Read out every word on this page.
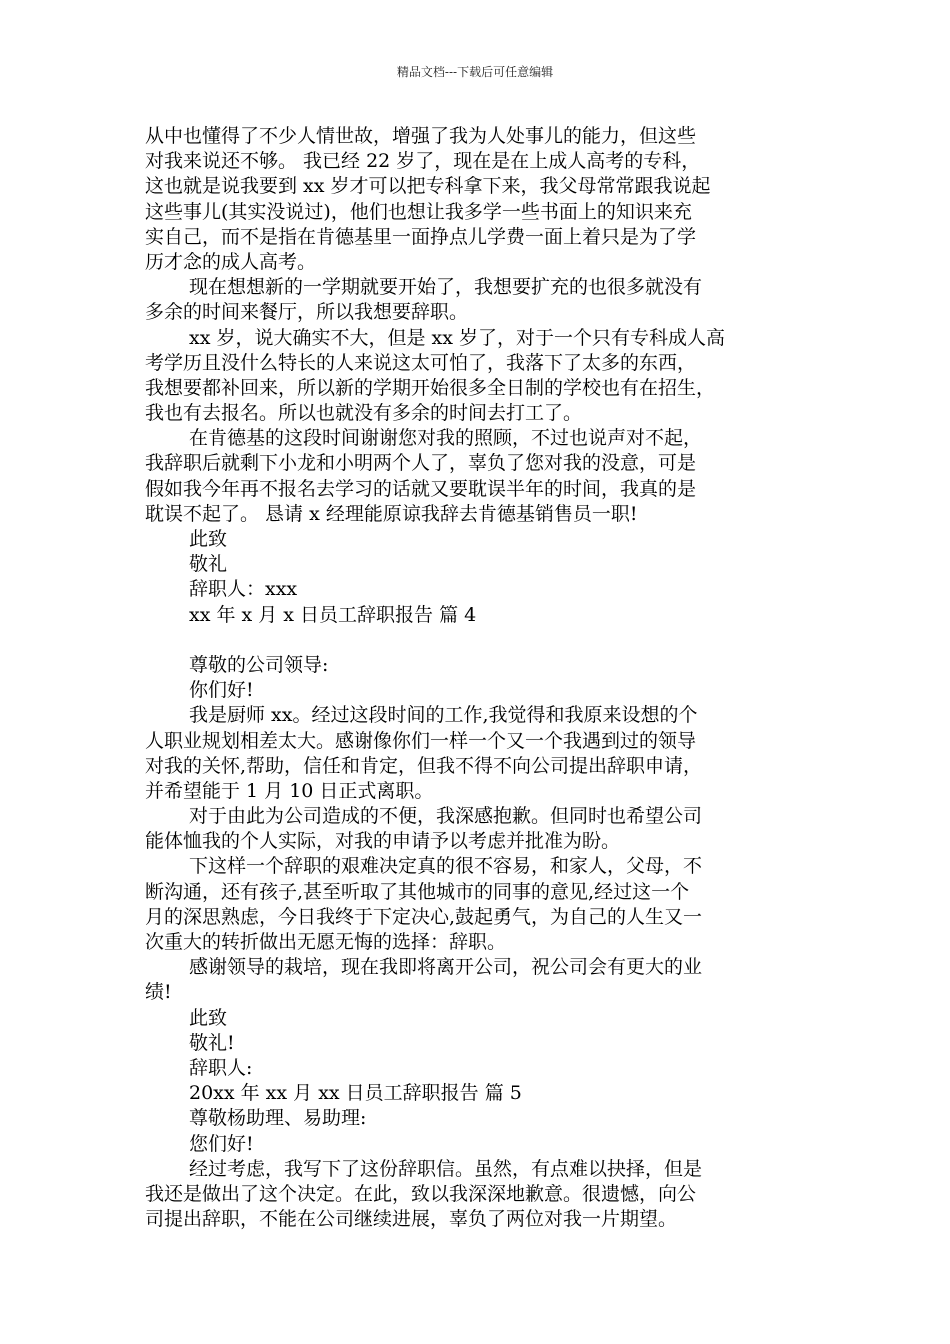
精品文档---下载后可任意编辑
从中也懂得了不少人情世故，增强了我为人处事儿的能力，但这些
对我来说还不够。 我已经 22 岁了，现在是在上成人高考的专科，
这也就是说我要到 xx 岁才可以把专科拿下来，我父母常常跟我说起
这些事儿(其实没说过)，他们也想让我多学一些书面上的知识来充
实自己，而不是指在肯德基里一面挣点儿学费一面上着只是为了学
历才念的成人高考。
现在想想新的一学期就要开始了，我想要扩充的也很多就没有
多余的时间来餐厅，所以我想要辞职。
xx 岁，说大确实不大，但是 xx 岁了，对于一个只有专科成人高
考学历且没什么特长的人来说这太可怕了，我落下了太多的东西，
我想要都补回来，所以新的学期开始很多全日制的学校也有在招生，
我也有去报名。所以也就没有多余的时间去打工了。
在肯德基的这段时间谢谢您对我的照顾，不过也说声对不起，
我辞职后就剩下小龙和小明两个人了，辜负了您对我的没意，可是
假如我今年再不报名去学习的话就又要耽误半年的时间，我真的是
耽误不起了。 恳请 x 经理能原谅我辞去肯德基销售员一职!
此致
敬礼
辞职人：xxx
xx 年 x 月 x 日员工辞职报告 篇 4
尊敬的公司领导:
你们好!
我是厨师 xx。经过这段时间的工作,我觉得和我原来设想的个
人职业规划相差太大。感谢像你们一样一个又一个我遇到过的领导
对我的关怀,帮助，信任和肯定，但我不得不向公司提出辞职申请，
并希望能于 1 月 10 日正式离职。
对于由此为公司造成的不便，我深感抱歉。但同时也希望公司
能体恤我的个人实际，对我的申请予以考虑并批准为盼。
下这样一个辞职的艰难决定真的很不容易，和家人，父母，不
断沟通，还有孩子,甚至听取了其他城市的同事的意见,经过这一个
月的深思熟虑，今日我终于下定决心,鼓起勇气，为自己的人生又一
次重大的转折做出无愿无悔的选择：辞职。
感谢领导的栽培，现在我即将离开公司，祝公司会有更大的业
绩!
此致
敬礼!
辞职人:
20xx 年 xx 月 xx 日员工辞职报告 篇 5
尊敬杨助理、易助理:
您们好!
经过考虑，我写下了这份辞职信。虽然，有点难以抉择，但是
我还是做出了这个决定。在此，致以我深深地歉意。很遗憾，向公
司提出辞职，不能在公司继续进展，辜负了两位对我一片期望。
